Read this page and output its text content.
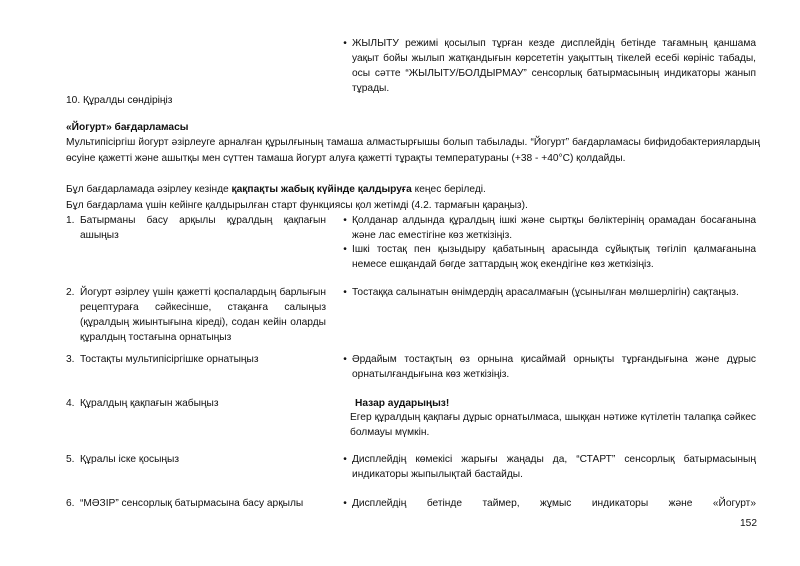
• ЖЫЛЫТУ режимі қосылып тұрған кезде дисплейдің бетінде тағамның қаншама уақыт бойы жылып жатқандығын көрсететін уақыттың тікелей есебі көрініс табады, осы сәтте “ЖЫЛЫТУ/БОЛДЫРМАУ” сенсорлық батырмасының индикаторы жанып тұрады.
10. Құралды сөндіріңіз
«Йогурт» бағдарламасы
Мультипісіргіш йогурт әзірлеуге арналған құрылғының тамаша алмастырғышы болып табылады. “Йогурт” бағдарламасы бифидобактериялардың өсуіне қажетті және ашытқы мен сүттен тамаша йогурт алуға қажетті тұрақты температураны (+38 - +40°C) қолдайды.
Бұл бағдарламада әзірлеу кезінде қақпақты жабық күйінде қалдыруға кеңес беріледі.
Бұл бағдарлама үшін кейінге қалдырылған старт функциясы қол жетімді (4.2. тармағын қараңыз).
1. Батырманы басу арқылы құралдың қақпағын ашыңыз
• Қолданар алдында құралдың ішкі және сыртқы бөліктерінің орамадан босағанына және лас еместігіне көз жеткізіңіз.
• Ішкі тостақ пен қызыдыру қабатының арасында сұйықтық төгіліп қалмағанына немесе ешқандай бөгде заттардың жоқ екендігіне көз жеткізіңіз.
2. Йогурт әзірлеу үшін қажетті қоспалардың барлығын рецептураға сәйкесінше, стақанға салыңыз (құралдың жиынтығына кіреді), содан кейін оларды құралдың тостағына орнатыңыз
• Тостаққа салынатын өнімдердің арасалмағын (ұсынылған мөлшерлігін) сақтаңыз.
3. Тостақты мультипісіргішке орнатыңыз	• Әрдайым тостақтың өз орнына қисаймай орнықты тұрғандығына және дұрыс орнатылғандығына көз жеткізіңіз.
4. Құралдың қақпағын жабыңыз	Назар аударыңыз!
Егер құралдың қақпағы дұрыс орнатылмаса, шыққан нәтиже күтілетін талапқа сәйкес болмауы мүмкін.
5. Құралы іске қосыңыз	• Дисплейдің көмекісі жарығы жаңады да, “СТАРТ” сенсорлық батырмасының индикаторы жыпылықтай бастайды.
6. “МӘЗІР” сенсорлық батырмасына басу арқылы	• Дисплейдің бетінде таймер, жұмыс индикаторы және «Йогурт»
152
